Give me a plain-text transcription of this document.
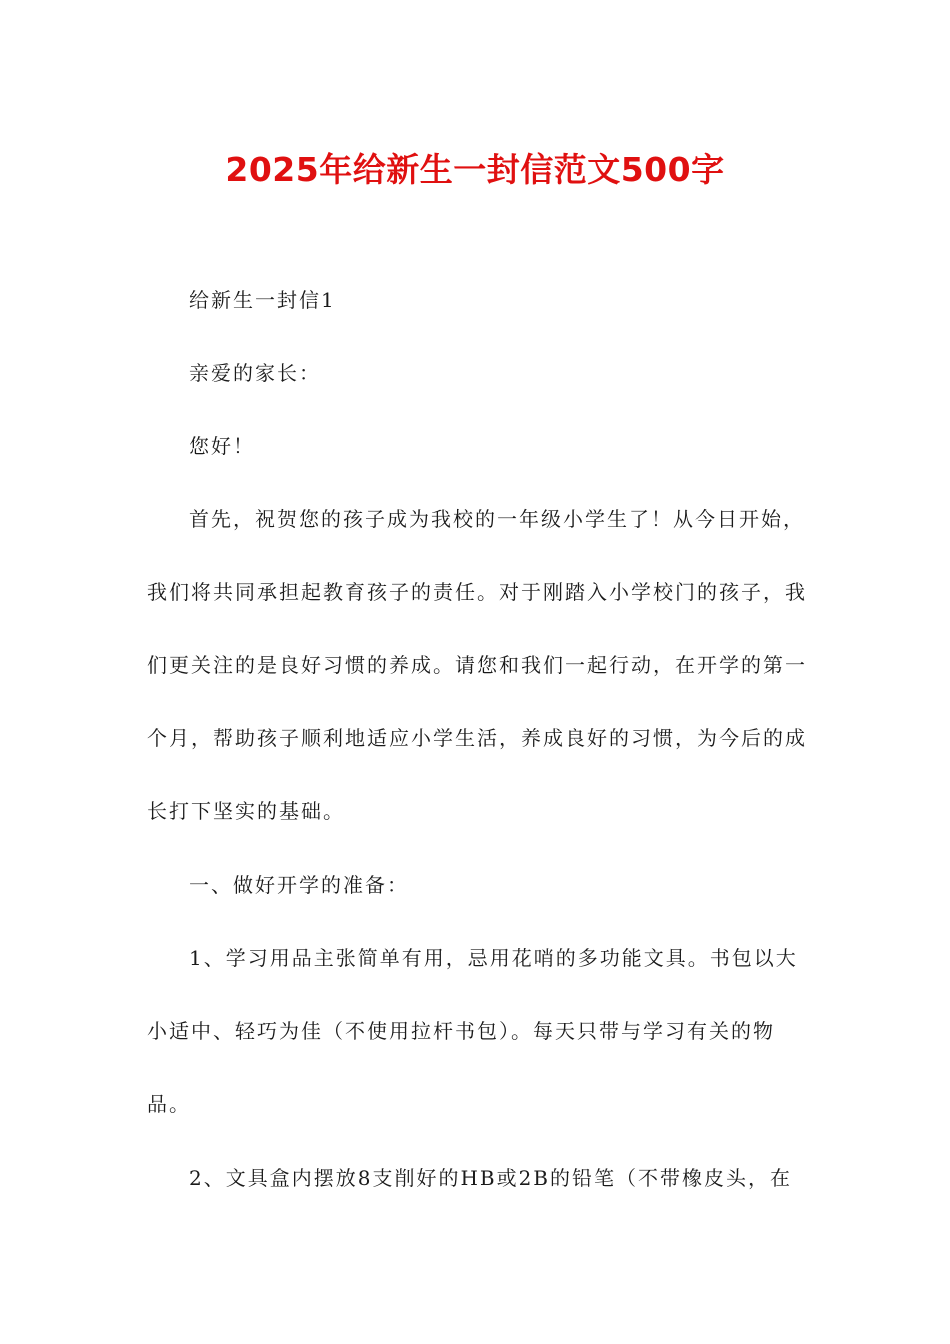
2025年给新生一封信范文500字

给新生一封信1

亲爱的家长：

您好！

首先，祝贺您的孩子成为我校的一年级小学生了！从今日开始，我们将共同承担起教育孩子的责任。对于刚踏入小学校门的孩子，我们更关注的是良好习惯的养成。请您和我们一起行动，在开学的第一个月，帮助孩子顺利地适应小学生活，养成良好的习惯，为今后的成长打下坚实的基础。

一、做好开学的准备：

1、学习用品主张简单有用，忌用花哨的多功能文具。书包以大小适中、轻巧为佳（不使用拉杆书包）。每天只带与学习有关的物品。

2、文具盒内摆放8支削好的HB或2B的铅笔（不带橡皮头，在
